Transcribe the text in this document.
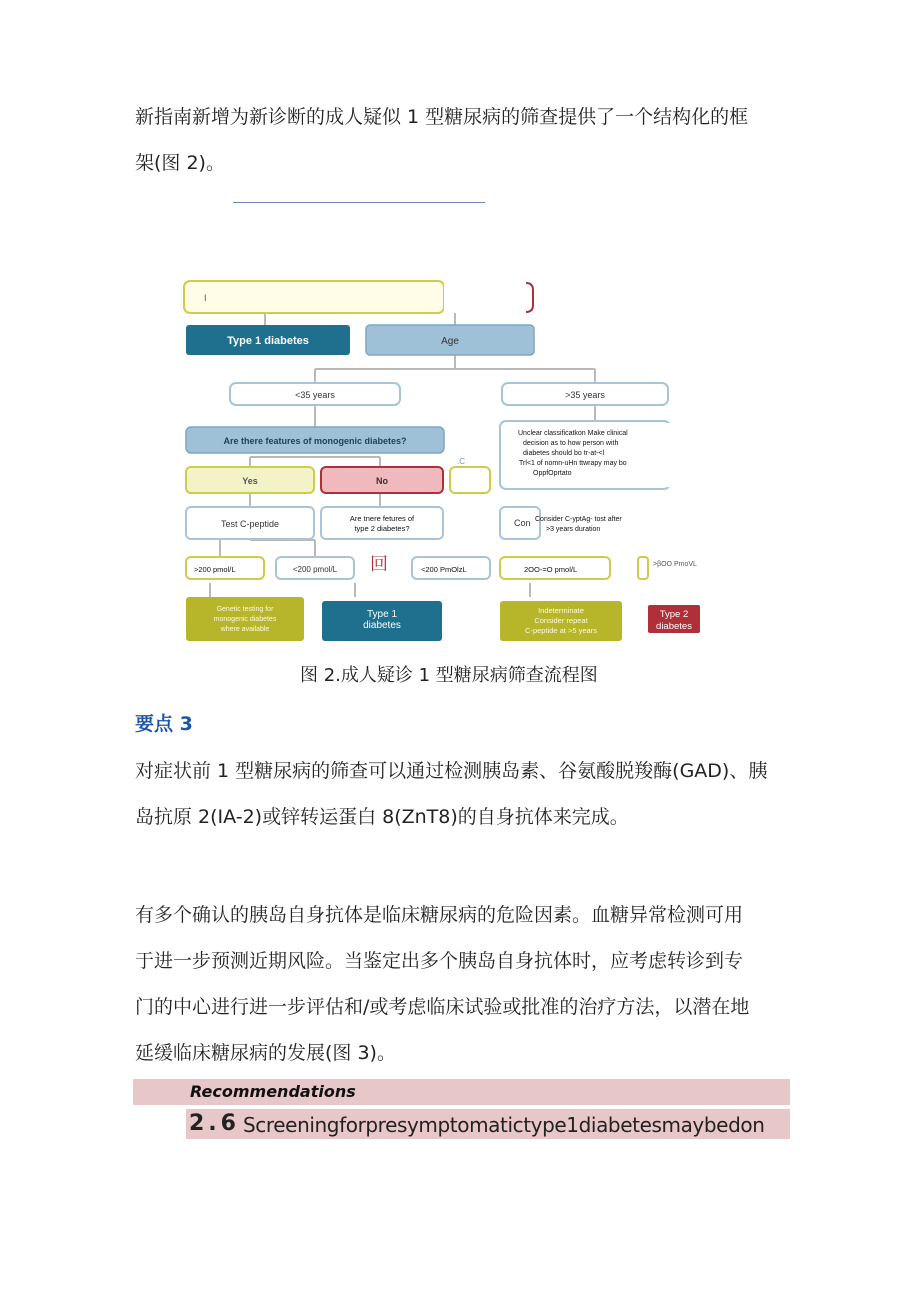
新指南新增为新诊断的成人疑似 1 型糖尿病的筛查提供了一个结构化的框
架(图 2)。
I
Type 1 diabetes	Age
<35 years	>35 years
Are there features of monogenic diabetes?
.C
Unclear classificatkon Make clinical
decision as to how person with
diabetes should bo tr-at-<l
Trl<1 of nomn-uHn ttwrapy may bo
OppfOprtato
Yes	No
Test C-peptide
Are tnere fetures of
type 2 diabetes?
Con Consider C-yptAg- tost after
>3 years duration
>200 pmol/L	<200 pmol/L 回	<200 PmOlzL	2OO-=O pmol/L
>βOO PmoVL
Genetic testing for
monogenic diabetes
where available
Type 1
diabetes
Indeterminate
Consider repeat
C-peptide at >5 years
Type 2
diabetes
图 2.成人疑诊 1 型糖尿病筛查流程图
要点 3
对症状前 1 型糖尿病的筛查可以通过检测胰岛素、谷氨酸脱羧酶(GAD)、胰
岛抗原 2(IA-2)或锌转运蛋白 8(ZnT8)的自身抗体来完成。
有多个确认的胰岛自身抗体是临床糖尿病的危险因素。血糖异常检测可用
于进一步预测近期风险。当鉴定出多个胰岛自身抗体时，应考虑转诊到专
门的中心进行进一步评估和/或考虑临床试验或批准的治疗方法，以潜在地
延缓临床糖尿病的发展(图 3)。
Recommendations
2.6 Screeningforpresymptomatictype1diabetesmaybedon
